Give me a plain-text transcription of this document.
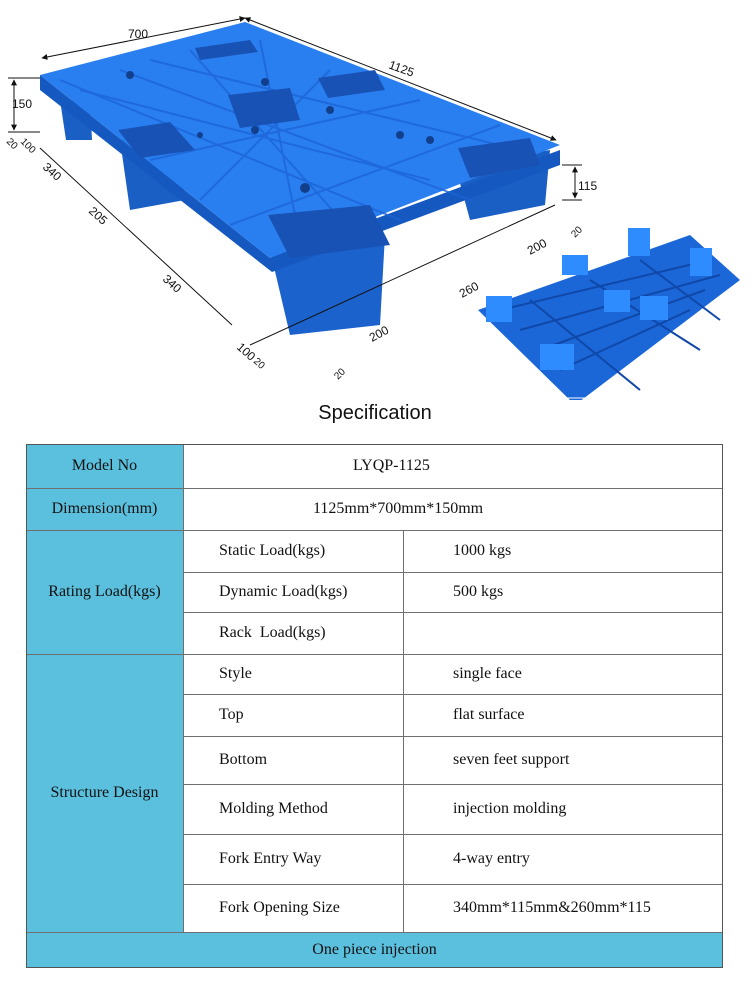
700
1125
150
115
20
100
340
205
340
100
20
200
260
200
20
20
Specification
Model No	LYQP-1125
Dimension(mm)	1125mm*700mm*150mm
Rating Load(kgs)
Static Load(kgs)	1000 kgs
Dynamic Load(kgs)	500 kgs
Rack  Load(kgs)
Structure Design
Style	single face
Top	flat surface
Bottom	seven feet support
Molding Method	injection molding
Fork Entry Way	4-way entry
Fork Opening Size	340mm*115mm&260mm*115
One piece injection
